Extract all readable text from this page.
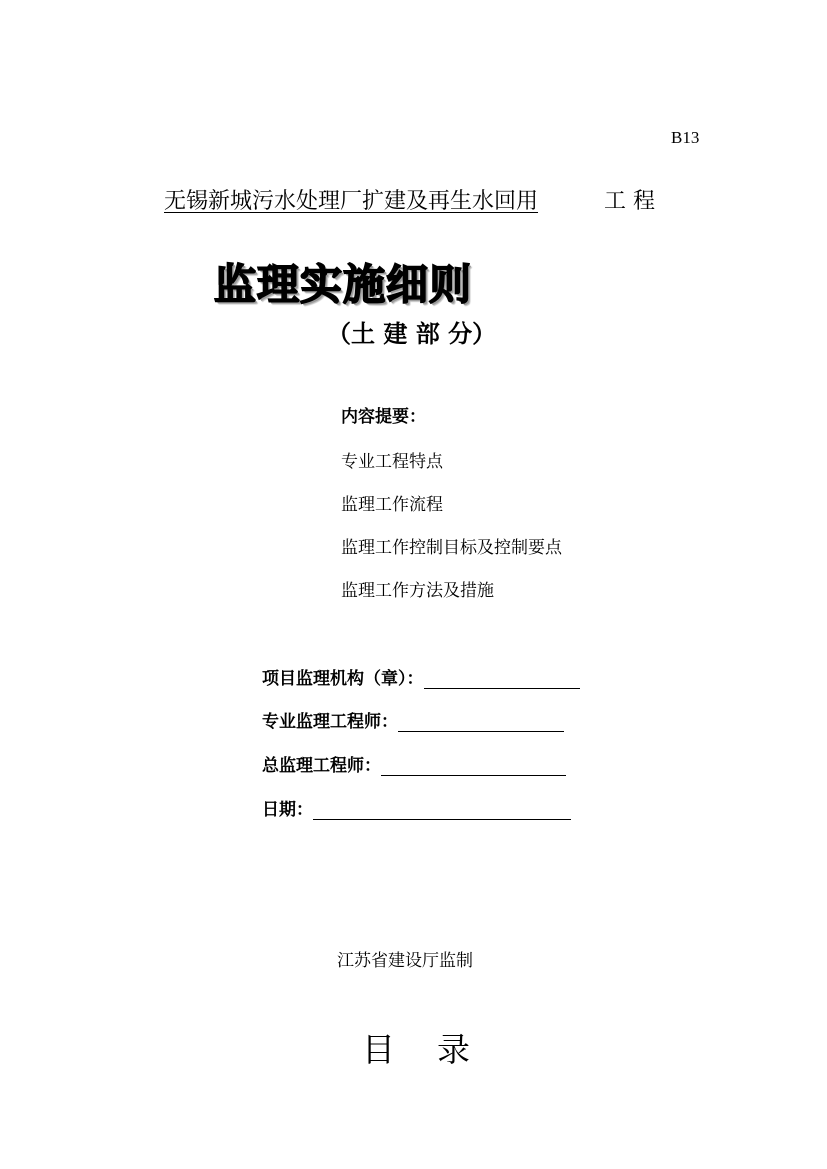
B13
无锡新城污水处理厂扩建及再生水回用	工 程
监理实施细则
（土 建 部 分）
内容提要：
专业工程特点
监理工作流程
监理工作控制目标及控制要点
监理工作方法及措施
项目监理机构（章）：
专业监理工程师：
总监理工程师：
日期：
江苏省建设厅监制
目    录
